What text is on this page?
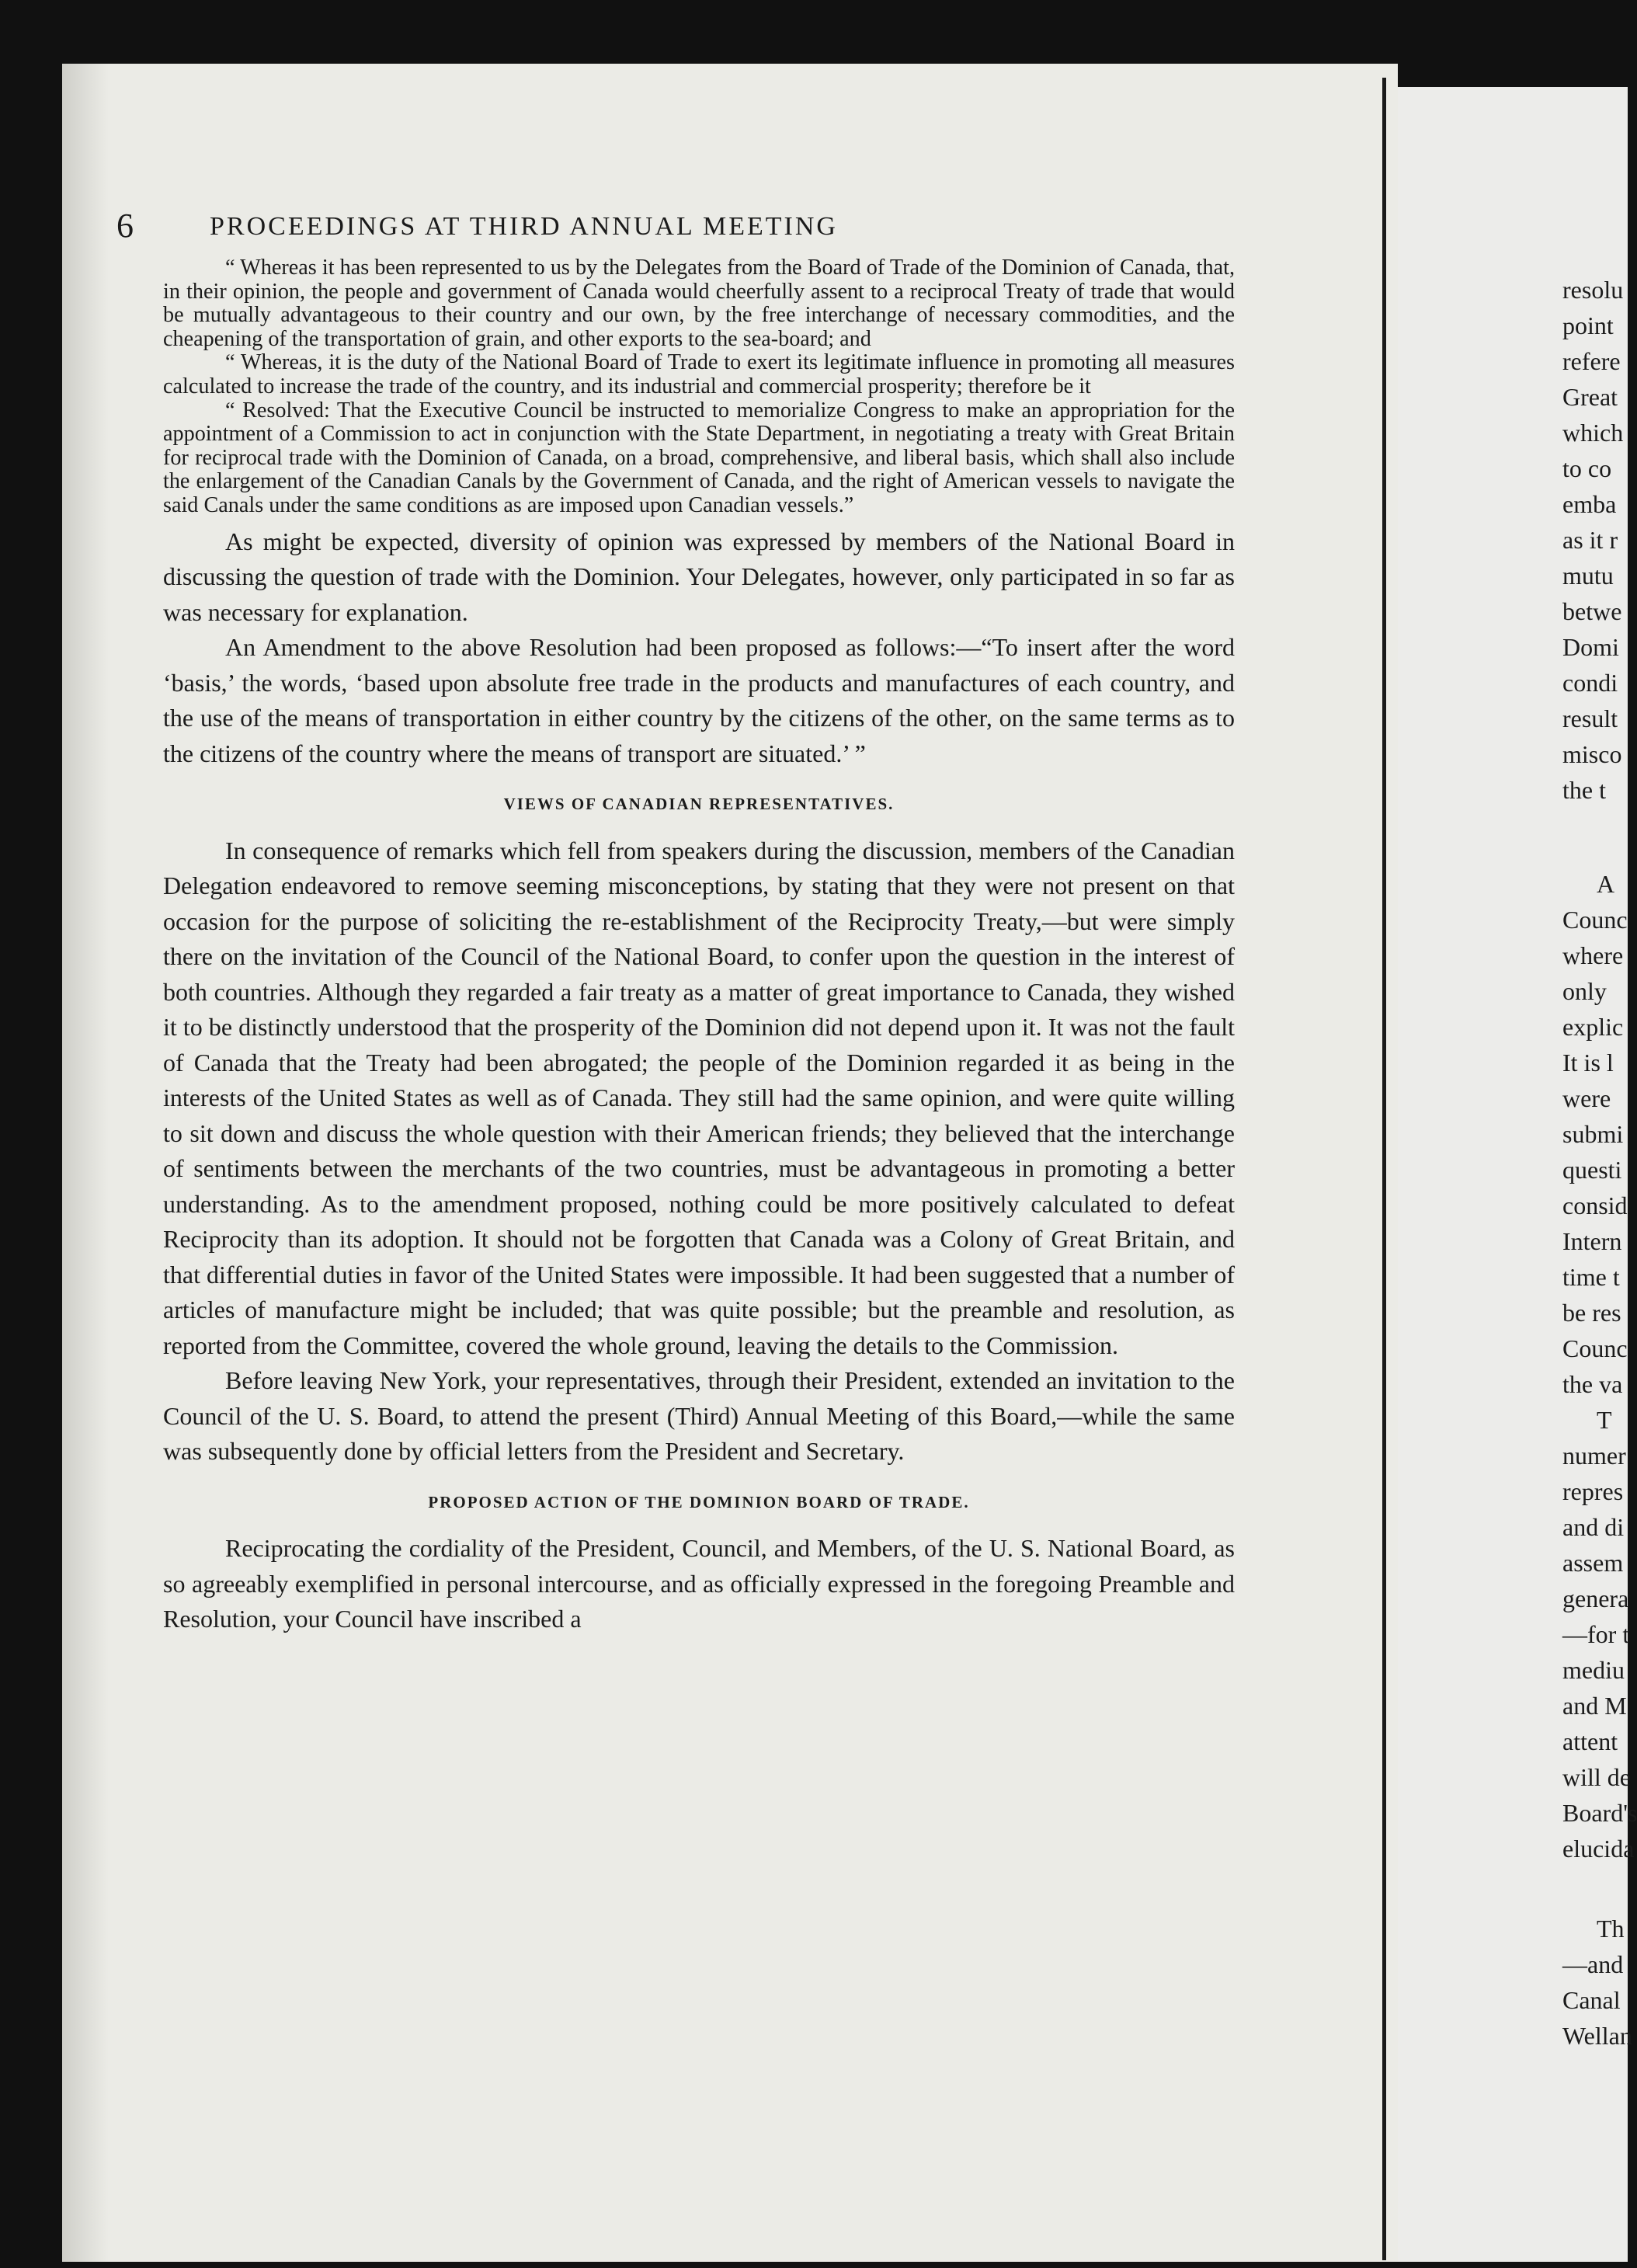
6	PROCEEDINGS AT THIRD ANNUAL MEETING

“ Whereas it has been represented to us by the Delegates from the Board of Trade of the Dominion of Canada, that, in their opinion, the people and government of Canada would cheerfully assent to a reciprocal Treaty of trade that would be mutually advantageous to their country and our own, by the free interchange of necessary commodities, and the cheapening of the transportation of grain, and other exports to the sea-board; and

“ Whereas, it is the duty of the National Board of Trade to exert its legitimate influence in promoting all measures calculated to increase the trade of the country, and its industrial and commercial prosperity; therefore be it

“ Resolved: That the Executive Council be instructed to memorialize Congress to make an appropriation for the appointment of a Commission to act in conjunction with the State Department, in negotiating a treaty with Great Britain for reciprocal trade with the Dominion of Canada, on a broad, comprehensive, and liberal basis, which shall also include the enlargement of the Canadian Canals by the Government of Canada, and the right of American vessels to navigate the said Canals under the same conditions as are imposed upon Canadian vessels.”

As might be expected, diversity of opinion was expressed by members of the National Board in discussing the question of trade with the Dominion. Your Delegates, however, only participated in so far as was necessary for explanation.

An Amendment to the above Resolution had been proposed as follows:—“To insert after the word ‘basis,’ the words, ‘based upon absolute free trade in the products and manufactures of each country, and the use of the means of transportation in either country by the citizens of the other, on the same terms as to the citizens of the country where the means of transport are situated.’ ”

VIEWS OF CANADIAN REPRESENTATIVES.

In consequence of remarks which fell from speakers during the discussion, members of the Canadian Delegation endeavored to remove seeming misconceptions, by stating that they were not present on that occasion for the purpose of soliciting the re-establishment of the Reciprocity Treaty,—but were simply there on the invitation of the Council of the National Board, to confer upon the question in the interest of both countries. Although they regarded a fair treaty as a matter of great importance to Canada, they wished it to be distinctly understood that the prosperity of the Dominion did not depend upon it. It was not the fault of Canada that the Treaty had been abrogated; the people of the Dominion regarded it as being in the interests of the United States as well as of Canada. They still had the same opinion, and were quite willing to sit down and discuss the whole question with their American friends; they believed that the interchange of sentiments between the merchants of the two countries, must be advantageous in promoting a better understanding. As to the amendment proposed, nothing could be more positively calculated to defeat Reciprocity than its adoption. It should not be forgotten that Canada was a Colony of Great Britain, and that differential duties in favor of the United States were impossible. It had been suggested that a number of articles of manufacture might be included; that was quite possible; but the preamble and resolution, as reported from the Committee, covered the whole ground, leaving the details to the Commission.

Before leaving New York, your representatives, through their President, extended an invitation to the Council of the U. S. Board, to attend the present (Third) Annual Meeting of this Board,—while the same was subsequently done by official letters from the President and Secretary.

PROPOSED ACTION OF THE DOMINION BOARD OF TRADE.

Reciprocating the cordiality of the President, Council, and Members, of the U. S. National Board, as so agreeably exemplified in personal intercourse, and as officially expressed in the foregoing Preamble and Resolution, your Council have inscribed a

resolu
point
refere
Great
which
to co
emba
as it r
mutu
betwe
Domi
condi
result
misco
the t
A
Counc
where
only
explic
It is l
were
submi
questi
consid
Intern
time t
be res
Counc
the va
T
numer
repres
and di
assem
genera
—for t
mediu
and M
attent
will de
Board's
elucida
Th
—and
Canal
Wellan
